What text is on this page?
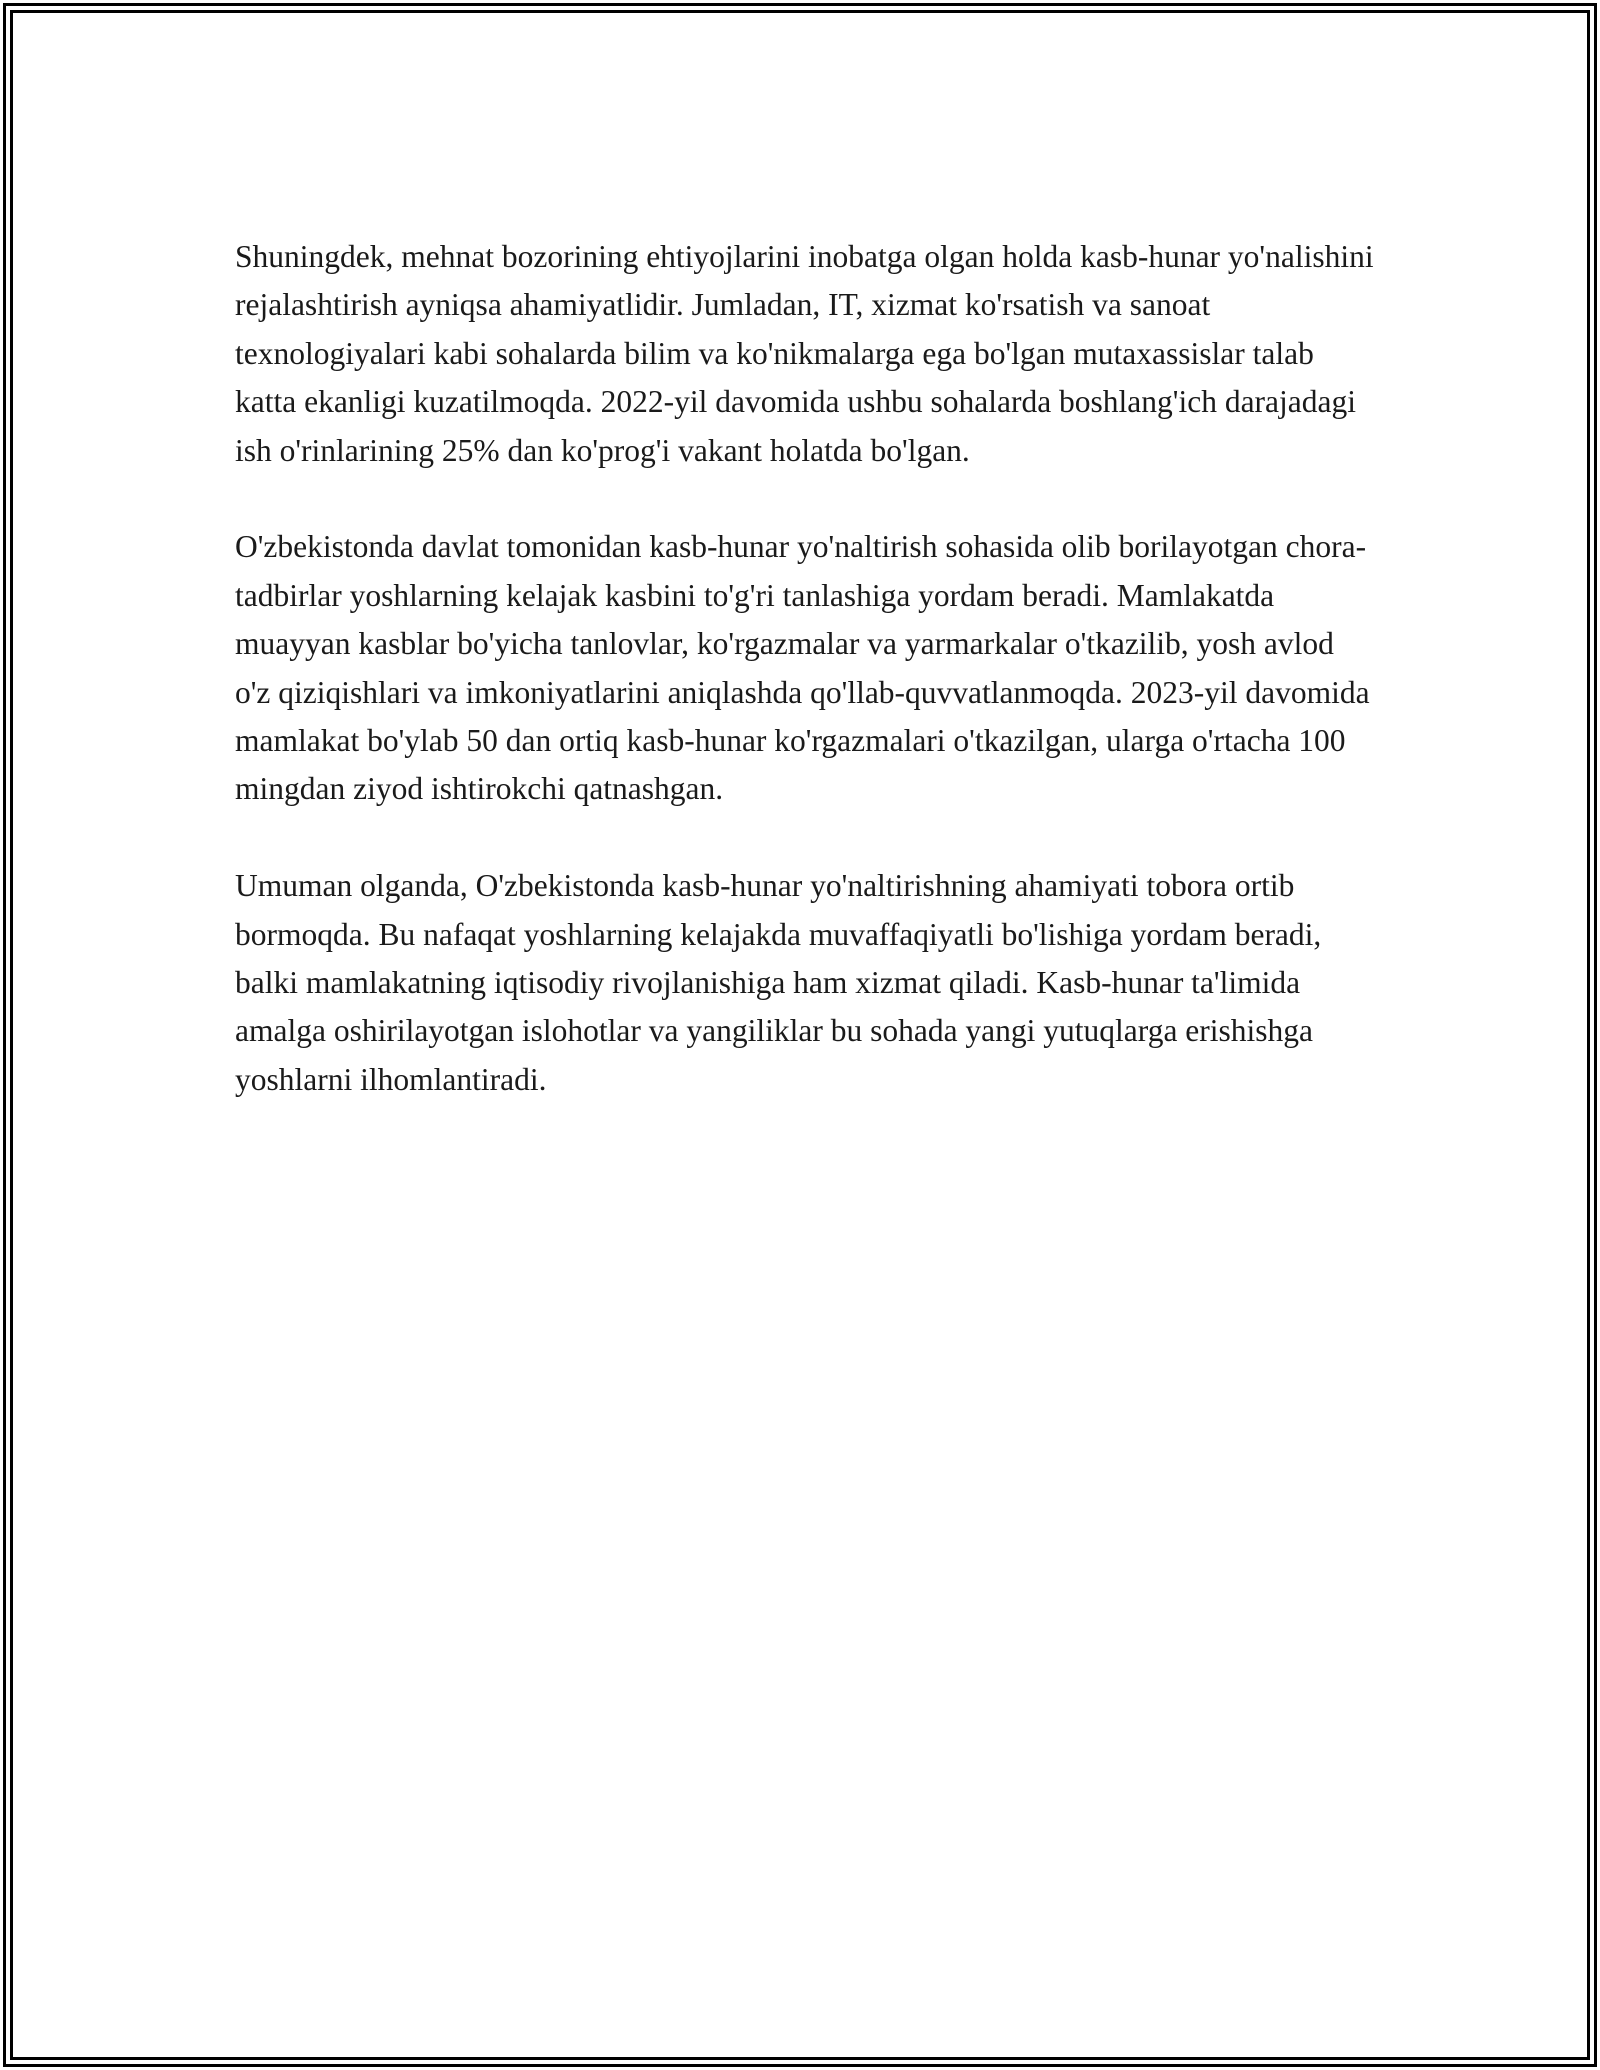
Shuningdek, mehnat bozorining ehtiyojlarini inobatga olgan holda kasb-hunar yo'nalishini rejalashtirish ayniqsa ahamiyatlidir. Jumladan, IT, xizmat ko'rsatish va sanoat texnologiyalari kabi sohalarda bilim va ko'nikmalarga ega bo'lgan mutaxassislar talab katta ekanligi kuzatilmoqda. 2022-yil davomida ushbu sohalarda boshlang'ich darajadagi ish o'rinlarining 25% dan ko'prog'i vakant holatda bo'lgan.

O'zbekistonda davlat tomonidan kasb-hunar yo'naltirish sohasida olib borilayotgan chora-tadbirlar yoshlarning kelajak kasbini to'g'ri tanlashiga yordam beradi. Mamlakatda muayyan kasblar bo'yicha tanlovlar, ko'rgazmalar va yarmarkalar o'tkazilib, yosh avlod o'z qiziqishlari va imkoniyatlarini aniqlashda qo'llab-quvvatlanmoqda. 2023-yil davomida mamlakat bo'ylab 50 dan ortiq kasb-hunar ko'rgazmalari o'tkazilgan, ularga o'rtacha 100 mingdan ziyod ishtirokchi qatnashgan.

Umuman olganda, O'zbekistonda kasb-hunar yo'naltirishning ahamiyati tobora ortib bormoqda. Bu nafaqat yoshlarning kelajakda muvaffaqiyatli bo'lishiga yordam beradi, balki mamlakatning iqtisodiy rivojlanishiga ham xizmat qiladi. Kasb-hunar ta'limida amalga oshirilayotgan islohotlar va yangiliklar bu sohada yangi yutuqlarga erishishga yoshlarni ilhomlantiradi.
